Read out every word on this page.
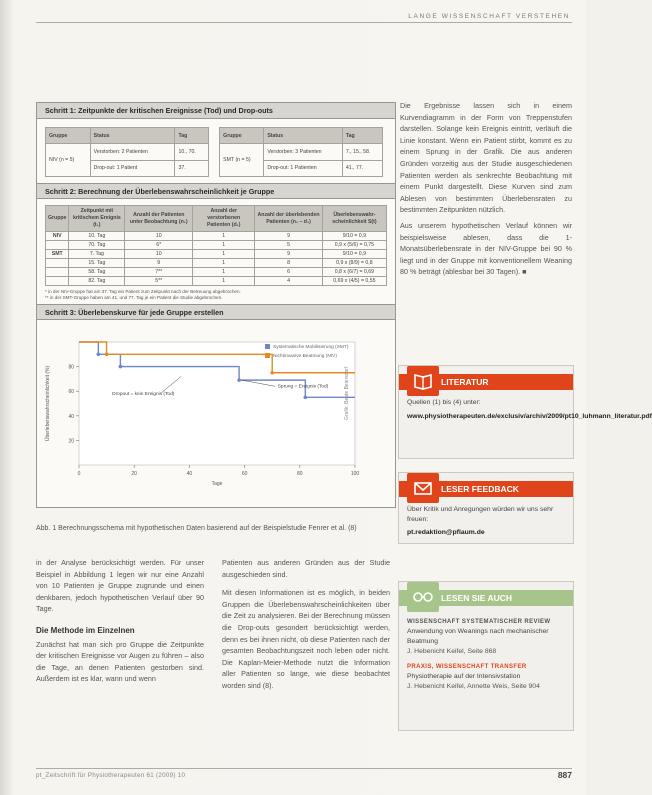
LANGE WISSENSCHAFT VERSTEHEN
Schritt 1: Zeitpunkte der kritischen Ereignisse (Tod) und Drop-outs
Gruppe	Status	Tag
NIV (n = 5)	Verstorben: 2 Patienten	10., 70.
	Drop-out: 1 Patient	37.
Gruppe	Status	Tag
SMT (n = 5)	Verstorben: 3 Patienten	7., 15., 58.
	Drop-out: 1 Patienten	41., 77.
Schritt 2: Berechnung der Überlebenswahrscheinlichkeit je Gruppe
Gruppe	Zeitpunkt mit kritischem Ereignis (t₁)	Anzahl der Patienten unter Beobachtung (n₁)	Anzahl der verstorbenen Patienten (d₁)	Anzahl der überlebenden Patienten (n₁ – d₁)	Überlebenswahr-scheinlichkeit S(t)
NIV	10. Tag	10	1	9	9/10 = 0,9
	70. Tag	6*	1	5	0,9 x (5/6) = 0,75
SMT	7. Tag	10	1	9	9/10 = 0,9
	15. Tag	9	1	8	0,9 x (8/9) = 0,8
	58. Tag	7**	1	6	0,8 x (6/7) = 0,69
	82. Tag	5**	1	4	0,69 x (4/5) = 0,55
* in der NIV-Gruppe hat am 37. Tag ein Patient zum Zeitpunkt nach der Betreuung abgebrochen.
** in der SMT-Gruppe haben am 41. und 77. Tag je ein Patient die Studie abgebrochen.
Schritt 3: Überlebenskurve für jede Gruppe erstellen
20
40
60
80
0	20	40	60	80	100
Tage
Überlebenswahrscheinlichkeit (%)
Systematische Mobilisierung (SMT)
Nichtinvasive Beatmung (NIV)
Dropout = kein Ereignis (Tod)
Sprung = Ereignis (Tod)	Grafik: Beate Beiersdorf
Abb. 1 Berechnungsschema mit hypothetischen Daten basierend auf der Beispielstudie Fenrer et al. (8)

in der Analyse berücksichtigt werden. Für unser Beispiel in Abbildung 1 legen wir nur eine Anzahl von 10 Patienten je Gruppe zugrunde und einen denkbaren, jedoch hypothetischen Verlauf über 90 Tage.

Die Methode im Einzelnen

Zunächst hat man sich pro Gruppe die Zeitpunkte der kritischen Ereignisse vor Augen zu führen – also die Tage, an denen Patienten gestorben sind. Außerdem ist es klar, wann und wenn

Patienten aus anderen Gründen aus der Studie ausgeschieden sind.

Mit diesen Informationen ist es möglich, in beiden Gruppen die Überlebenswahrscheinlichkeiten über die Zeit zu analysieren. Bei der Berechnung müssen die Drop-outs gesondert berücksichtigt werden, denn es bei ihnen nicht, ob diese Patienten nach der gesamten Beobachtungszeit noch leben oder nicht. Die Kaplan-Meier-Methode nutzt die Information aller Patienten so lange, wie diese beobachtet worden sind (8).

Die Ergebnisse lassen sich in einem Kurvendiagramm in der Form von Treppenstufen darstellen. Solange kein Ereignis eintritt, verläuft die Linie konstant. Wenn ein Patient stirbt, kommt es zu einem Sprung in der Grafik. Die aus anderen Gründen vorzeitig aus der Studie ausgeschiedenen Patienten werden als senkrechte Beobachtung mit einem Punkt dargestellt. Diese Kurven sind zum Ablesen von bestimmten Überlebensraten zu bestimmten Zeitpunkten nützlich.

Aus unserem hypothetischen Verlauf können wir beispielsweise ablesen, dass die 1-Monatsüberlebensrate in der NIV-Gruppe bei 90 % liegt und in der Gruppe mit konventionellem Weaning 80 % beträgt (ablesbar bei 30 Tagen). ■

LITERATUR
Quellen (1) bis (4) unter:
www.physiotherapeuten.de/exclusiv/archiv/2009/pt10_luhmann_literatur.pdf
LESER FEEDBACK
Über Kritik und Anregungen würden wir uns sehr freuen:
pt.redaktion@pflaum.de
LESEN SIE AUCH
WISSENSCHAFT SYSTEMATISCHER REVIEW
Anwendung von Weanings nach mechanischer Beatmung
J. Hebenicht Keifel, Seite 868
PRAXIS, WISSENSCHAFT TRANSFER
Physiotherapie auf der Intensivstation
J. Hebenicht Keifel, Annette Weis, Seite 904
pt_Zeitschrift für Physiotherapeuten 61 (2009) 10	887
